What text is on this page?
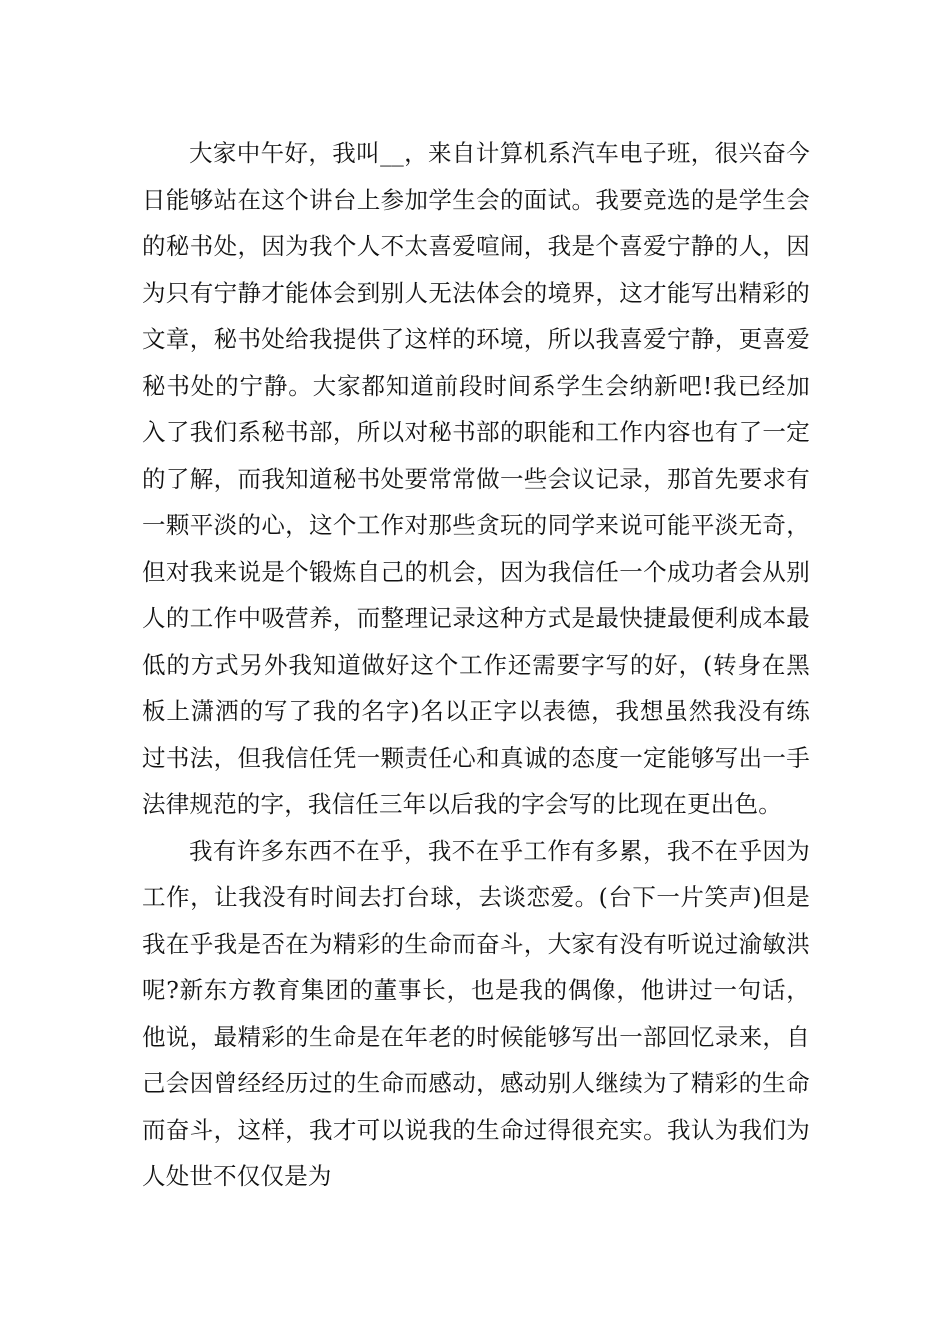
大家中午好，我叫__，来自计算机系汽车电子班，很兴奋今日能够站在这个讲台上参加学生会的面试。我要竞选的是学生会的秘书处，因为我个人不太喜爱喧闹，我是个喜爱宁静的人，因为只有宁静才能体会到别人无法体会的境界，这才能写出精彩的文章，秘书处给我提供了这样的环境，所以我喜爱宁静，更喜爱秘书处的宁静。大家都知道前段时间系学生会纳新吧!我已经加入了我们系秘书部，所以对秘书部的职能和工作内容也有了一定的了解，而我知道秘书处要常常做一些会议记录，那首先要求有一颗平淡的心，这个工作对那些贪玩的同学来说可能平淡无奇，但对我来说是个锻炼自己的机会，因为我信任一个成功者会从别人的工作中吸营养，而整理记录这种方式是最快捷最便利成本最低的方式另外我知道做好这个工作还需要字写的好，(转身在黑板上潇洒的写了我的名字)名以正字以表德，我想虽然我没有练过书法，但我信任凭一颗责任心和真诚的态度一定能够写出一手法律规范的字，我信任三年以后我的字会写的比现在更出色。

我有许多东西不在乎，我不在乎工作有多累，我不在乎因为工作，让我没有时间去打台球，去谈恋爱。(台下一片笑声)但是我在乎我是否在为精彩的生命而奋斗，大家有没有听说过渝敏洪呢?新东方教育集团的董事长，也是我的偶像，他讲过一句话，他说，最精彩的生命是在年老的时候能够写出一部回忆录来，自己会因曾经经历过的生命而感动，感动别人继续为了精彩的生命而奋斗，这样，我才可以说我的生命过得很充实。我认为我们为人处世不仅仅是为
